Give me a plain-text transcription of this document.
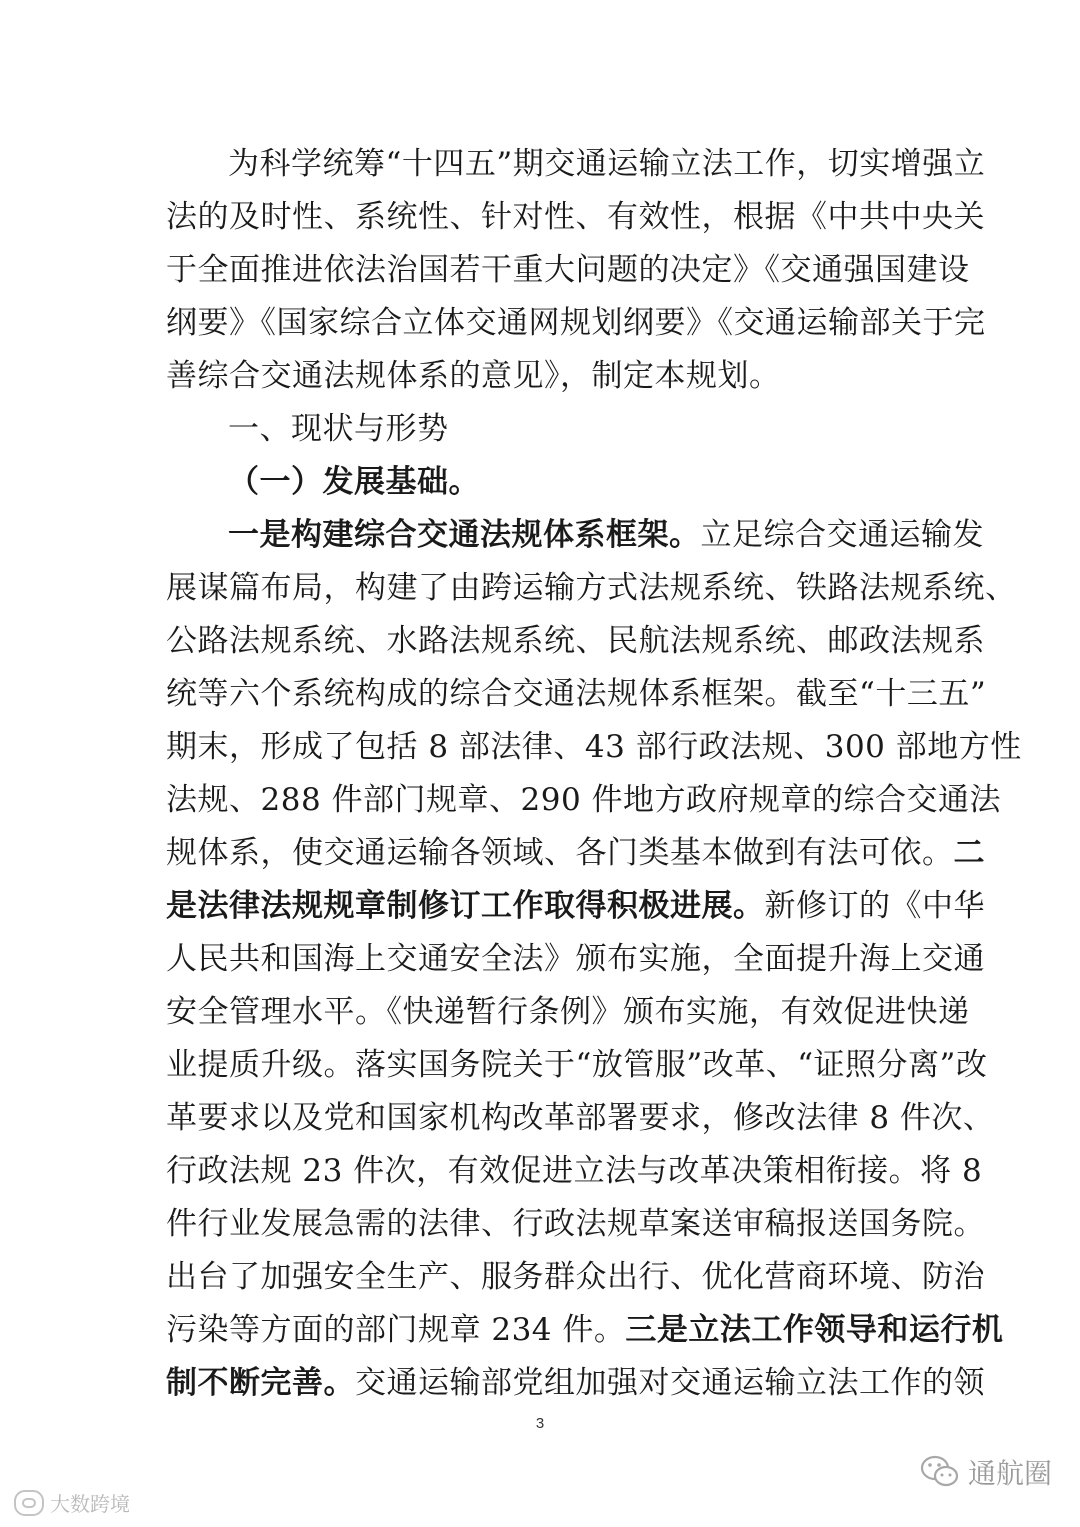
为科学统筹“十四五”期交通运输立法工作，切实增强立
法的及时性、系统性、针对性、有效性，根据《中共中央关
于全面推进依法治国若干重大问题的决定》《交通强国建设
纲要》《国家综合立体交通网规划纲要》《交通运输部关于完
善综合交通法规体系的意见》，制定本规划。
一、现状与形势
（一）发展基础。
一是构建综合交通法规体系框架。立足综合交通运输发
展谋篇布局，构建了由跨运输方式法规系统、铁路法规系统、
公路法规系统、水路法规系统、民航法规系统、邮政法规系
统等六个系统构成的综合交通法规体系框架。截至“十三五”
期末，形成了包括 8 部法律、43 部行政法规、300 部地方性
法规、288 件部门规章、290 件地方政府规章的综合交通法
规体系，使交通运输各领域、各门类基本做到有法可依。二
是法律法规规章制修订工作取得积极进展。新修订的《中华
人民共和国海上交通安全法》颁布实施，全面提升海上交通
安全管理水平。《快递暂行条例》颁布实施，有效促进快递
业提质升级。落实国务院关于“放管服”改革、“证照分离”改
革要求以及党和国家机构改革部署要求，修改法律 8 件次、
行政法规 23 件次，有效促进立法与改革决策相衔接。将 8
件行业发展急需的法律、行政法规草案送审稿报送国务院。
出台了加强安全生产、服务群众出行、优化营商环境、防治
污染等方面的部门规章 234 件。三是立法工作领导和运行机
制不断完善。交通运输部党组加强对交通运输立法工作的领
3
大数跨境
通航圈
